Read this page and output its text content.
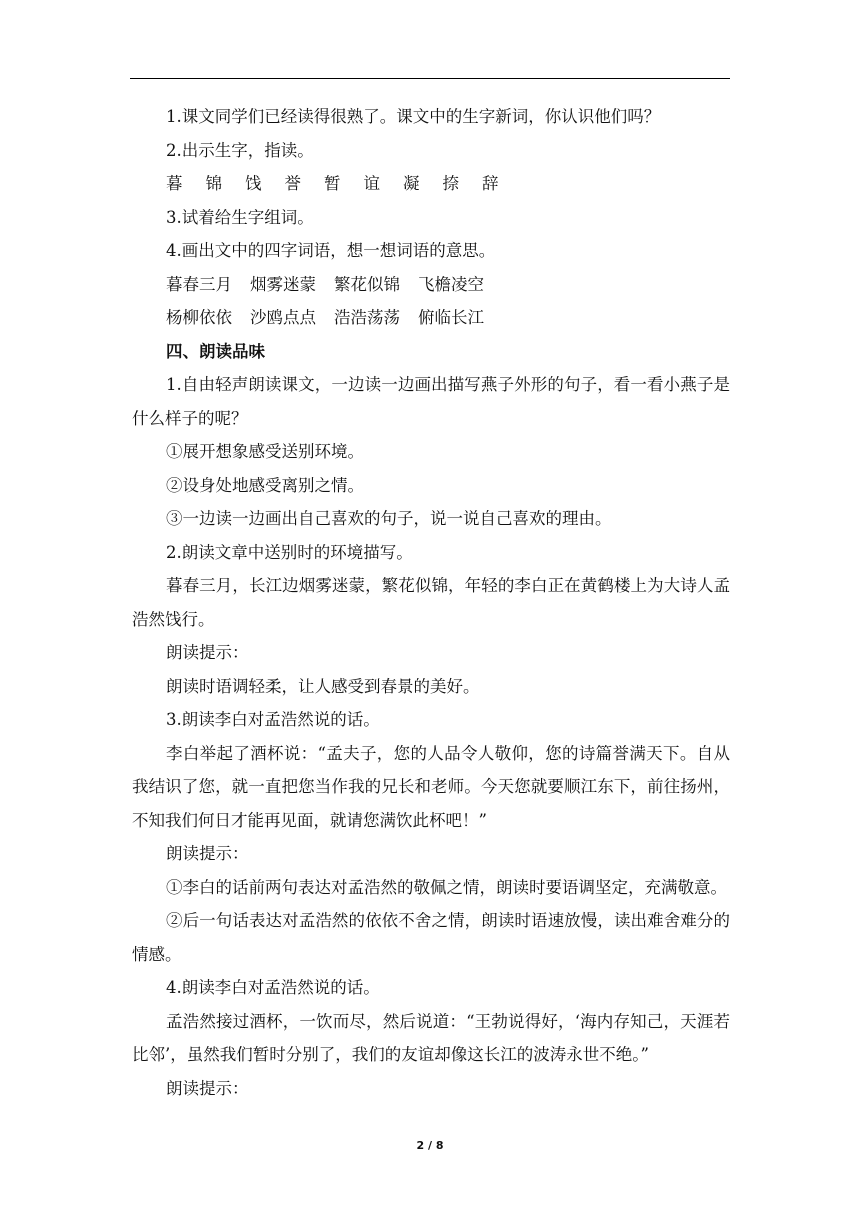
1.课文同学们已经读得很熟了。课文中的生字新词，你认识他们吗？

2.出示生字，指读。

暮 锦 饯 誉 暂 谊 凝 捺 辞

3.试着给生字组词。

4.画出文中的四字词语，想一想词语的意思。

暮春三月 烟雾迷蒙 繁花似锦 飞檐凌空

杨柳依依 沙鸥点点 浩浩荡荡 俯临长江

四、朗读品味

1.自由轻声朗读课文，一边读一边画出描写燕子外形的句子，看一看小燕子是什么样子的呢？

①展开想象感受送别环境。

②设身处地感受离别之情。

③一边读一边画出自己喜欢的句子，说一说自己喜欢的理由。

2.朗读文章中送别时的环境描写。

暮春三月，长江边烟雾迷蒙，繁花似锦，年轻的李白正在黄鹤楼上为大诗人孟浩然饯行。

朗读提示：

朗读时语调轻柔，让人感受到春景的美好。

3.朗读李白对孟浩然说的话。

李白举起了酒杯说：“孟夫子，您的人品令人敬仰，您的诗篇誉满天下。自从我结识了您，就一直把您当作我的兄长和老师。今天您就要顺江东下，前往扬州，不知我们何日才能再见面，就请您满饮此杯吧！”

朗读提示：

①李白的话前两句表达对孟浩然的敬佩之情，朗读时要语调坚定，充满敬意。

②后一句话表达对孟浩然的依依不舍之情，朗读时语速放慢，读出难舍难分的情感。

4.朗读李白对孟浩然说的话。

孟浩然接过酒杯，一饮而尽，然后说道：“王勃说得好，‘海内存知己，天涯若比邻’，虽然我们暂时分别了，我们的友谊却像这长江的波涛永世不绝。”

朗读提示：

2 / 8
